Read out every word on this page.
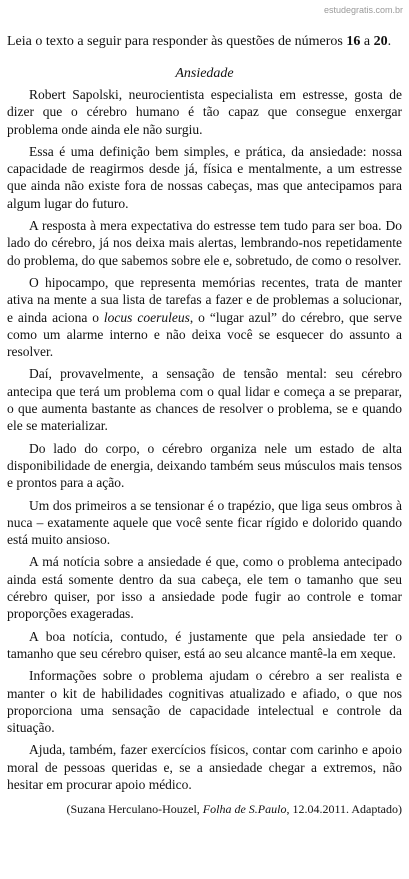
estudegratis.com.br

Leia o texto a seguir para responder às questões de números 16 a 20.

Ansiedade

Robert Sapolski, neurocientista especialista em estresse, gosta de dizer que o cérebro humano é tão capaz que consegue enxergar problema onde ainda ele não surgiu.

Essa é uma definição bem simples, e prática, da ansiedade: nossa capacidade de reagirmos desde já, física e mentalmente, a um estresse que ainda não existe fora de nossas cabeças, mas que antecipamos para algum lugar do futuro.

A resposta à mera expectativa do estresse tem tudo para ser boa. Do lado do cérebro, já nos deixa mais alertas, lembrando-nos repetidamente do problema, do que sabemos sobre ele e, sobretudo, de como o resolver.

O hipocampo, que representa memórias recentes, trata de manter ativa na mente a sua lista de tarefas a fazer e de problemas a solucionar, e ainda aciona o locus coeruleus, o “lugar azul” do cérebro, que serve como um alarme interno e não deixa você se esquecer do assunto a resolver.

Daí, provavelmente, a sensação de tensão mental: seu cérebro antecipa que terá um problema com o qual lidar e começa a se preparar, o que aumenta bastante as chances de resolver o problema, se e quando ele se materializar.

Do lado do corpo, o cérebro organiza nele um estado de alta disponibilidade de energia, deixando também seus músculos mais tensos e prontos para a ação.

Um dos primeiros a se tensionar é o trapézio, que liga seus ombros à nuca – exatamente aquele que você sente ficar rígido e dolorido quando está muito ansioso.

A má notícia sobre a ansiedade é que, como o problema antecipado ainda está somente dentro da sua cabeça, ele tem o tamanho que seu cérebro quiser, por isso a ansiedade pode fugir ao controle e tomar proporções exageradas.

A boa notícia, contudo, é justamente que pela ansiedade ter o tamanho que seu cérebro quiser, está ao seu alcance mantê-la em xeque.

Informações sobre o problema ajudam o cérebro a ser realista e manter o kit de habilidades cognitivas atualizado e afiado, o que nos proporciona uma sensação de capacidade intelectual e controle da situação.

Ajuda, também, fazer exercícios físicos, contar com carinho e apoio moral de pessoas queridas e, se a ansiedade chegar a extremos, não hesitar em procurar apoio médico.

(Suzana Herculano-Houzel, Folha de S.Paulo, 12.04.2011. Adaptado)
